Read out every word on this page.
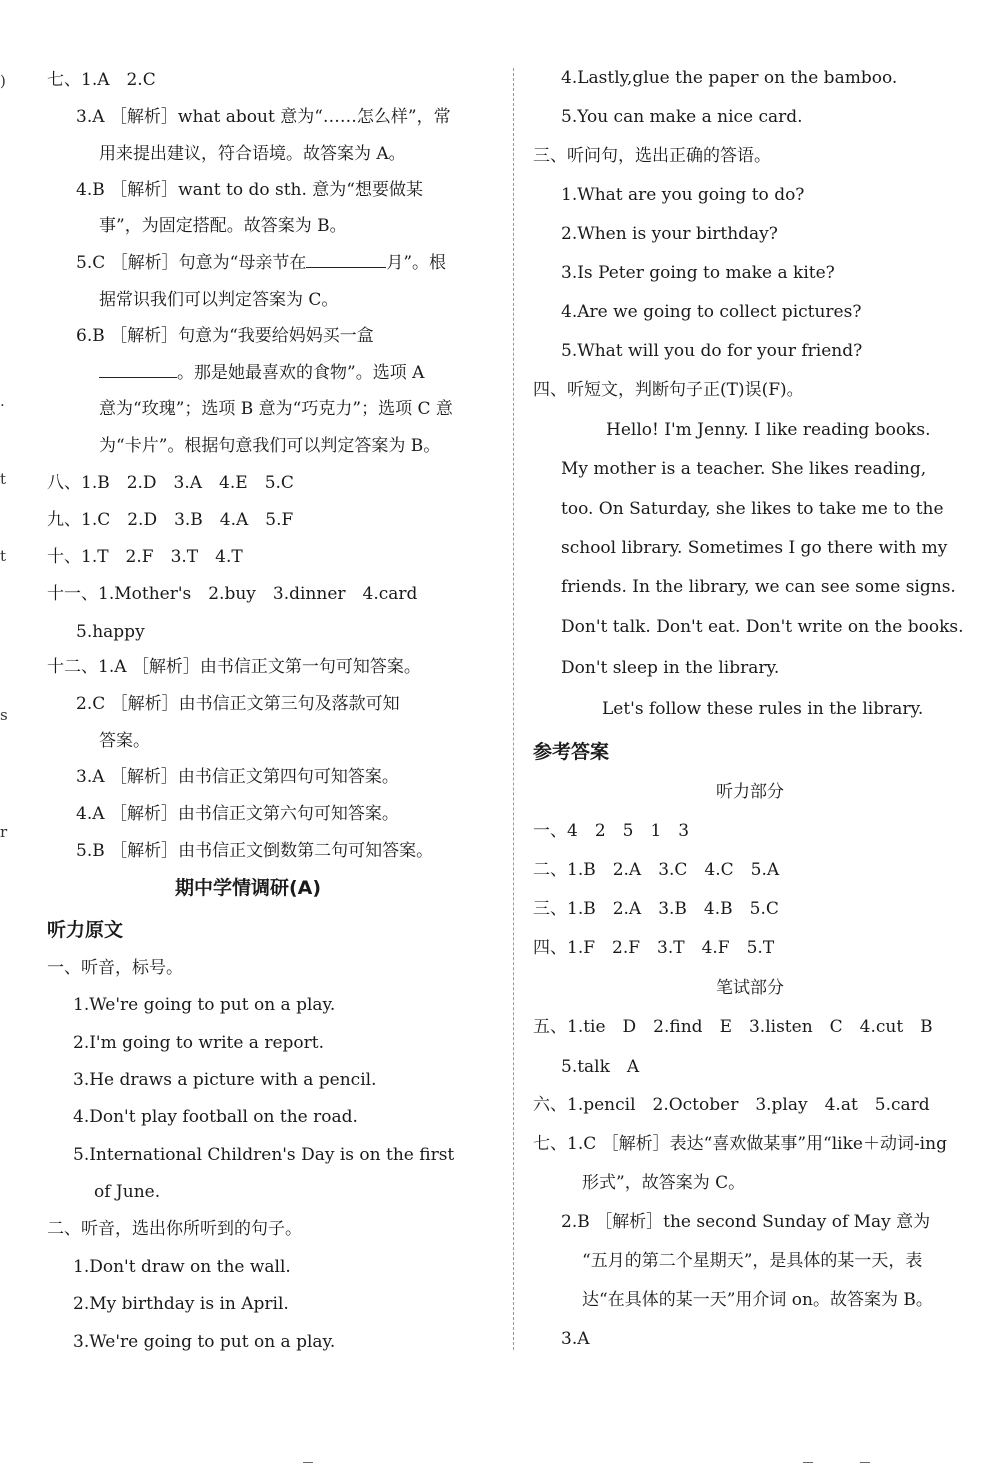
)
.
t
t
s
r
七、1.A　2.C
3.A ［解析］what about 意为“……怎么样”，常
用来提出建议，符合语境。故答案为 A。
4.B ［解析］want to do sth. 意为“想要做某
事”，为固定搭配。故答案为 B。
5.C ［解析］句意为“母亲节在	月”。根
据常识我们可以判定答案为 C。
6.B ［解析］句意为“我要给妈妈买一盒
。那是她最喜欢的食物”。选项 A
意为“玫瑰”；选项 B 意为“巧克力”；选项 C 意
为“卡片”。根据句意我们可以判定答案为 B。
八、1.B　2.D　3.A　4.E　5.C
九、1.C　2.D　3.B　4.A　5.F
十、1.T　2.F　3.T　4.T
十一、1.Mother's　2.buy　3.dinner　4.card
5.happy
十二、1.A ［解析］由书信正文第一句可知答案。
2.C ［解析］由书信正文第三句及落款可知
答案。
3.A ［解析］由书信正文第四句可知答案。
4.A ［解析］由书信正文第六句可知答案。
5.B ［解析］由书信正文倒数第二句可知答案。
期中学情调研(A)
听力原文
一、听音，标号。
1.We're going to put on a play.
2.I'm going to write a report.
3.He draws a picture with a pencil.
4.Don't play football on the road.
5.International Children's Day is on the first
of June.
二、听音，选出你所听到的句子。
1.Don't draw on the wall.
2.My birthday is in April.
3.We're going to put on a play.
4.Lastly,glue the paper on the bamboo.
5.You can make a nice card.
三、听问句，选出正确的答语。
1.What are you going to do?
2.When is your birthday?
3.Is Peter going to make a kite?
4.Are we going to collect pictures?
5.What will you do for your friend?
四、听短文，判断句子正(T)误(F)。
Hello! I'm Jenny. I like reading books.
My mother is a teacher. She likes reading,
too. On Saturday, she likes to take me to the
school library. Sometimes I go there with my
friends. In the library, we can see some signs.
Don't talk. Don't eat. Don't write on the books.
Don't sleep in the library.
Let's follow these rules in the library.
参考答案
听力部分
一、4　2　5　1　3
二、1.B　2.A　3.C　4.C　5.A
三、1.B　2.A　3.B　4.B　5.C
四、1.F　2.F　3.T　4.F　5.T
笔试部分
五、1.tie　D　2.find　E　3.listen　C　4.cut　B
5.talk　A
六、1.pencil　2.October　3.play　4.at　5.card
七、1.C ［解析］表达“喜欢做某事”用“like＋动词-ing
形式”，故答案为 C。
2.B ［解析］the second Sunday of May 意为
“五月的第二个星期天”，是具体的某一天，表
达“在具体的某一天”用介词 on。故答案为 B。
3.A
